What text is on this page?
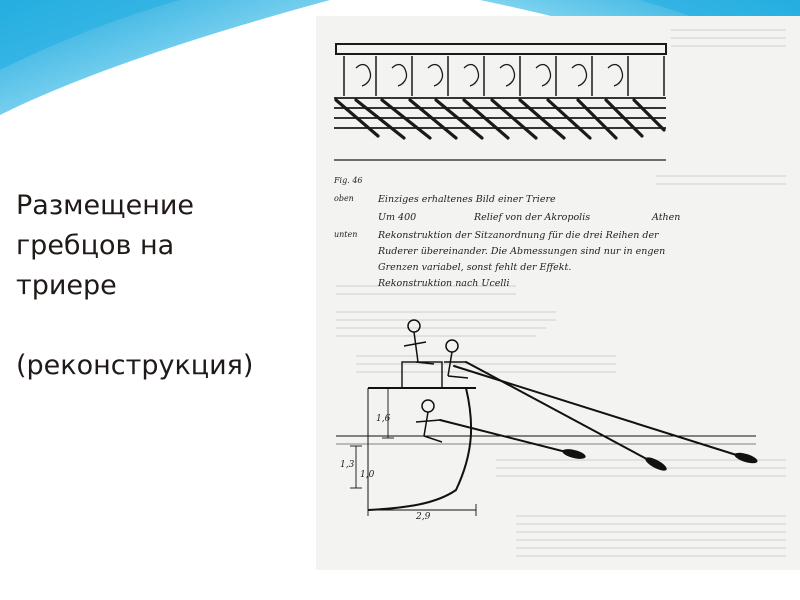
Размещение
гребцов на
триере
(реконструкция)
Fig. 46
oben
unten
Einziges erhaltenes Bild einer Triere
Um 400	Relief von der Akropolis	Athen
Rekonstruktion der Sitzanordnung für die drei Reihen der
Ruderer übereinander. Die Abmessungen sind nur in engen
Grenzen variabel, sonst fehlt der Effekt.
Rekonstruktion nach Ucelli
1,6
1,3
1,0
2,9
